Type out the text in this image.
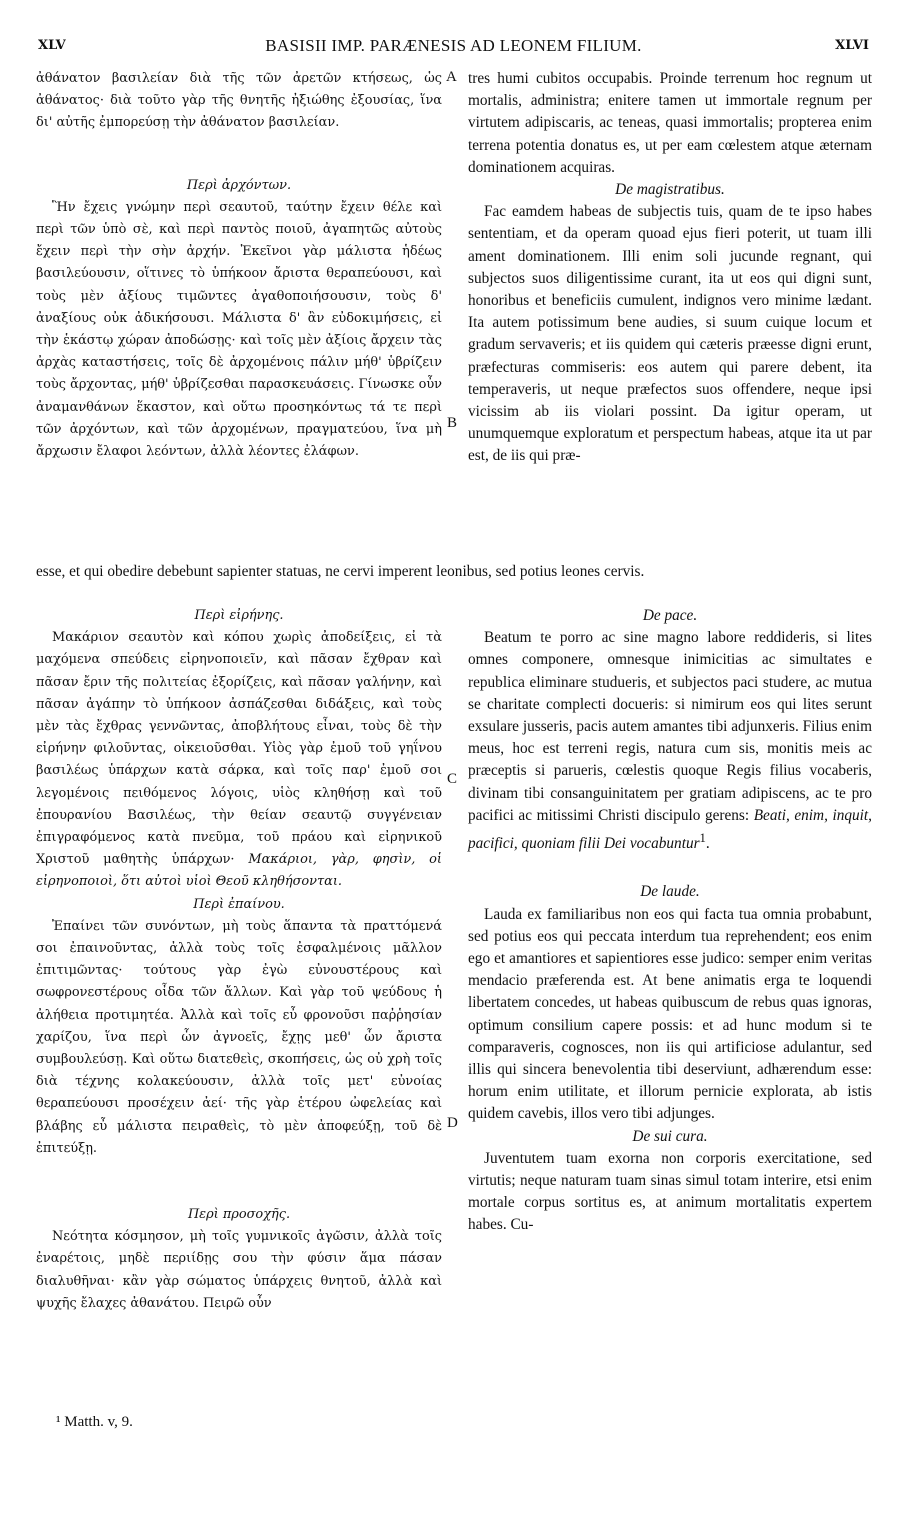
XLV	BASISII IMP. PARÆNESIS AD LEONEM FILIUM.	XLVI

ἀθάνατον βασιλείαν διὰ τῆς τῶν ἀρετῶν κτήσεως, ὡς ἀθάνατος· διὰ τοῦτο γὰρ τῆς θνητῆς ἠξιώθης ἐξουσίας, ἵνα δι' αὐτῆς ἐμπορεύσῃ τὴν ἀθάνατον βασιλείαν.

Περὶ ἀρχόντων.

Ἣν ἔχεις γνώμην περὶ σεαυτοῦ, ταύτην ἔχειν θέλε καὶ περὶ τῶν ὑπὸ σὲ, καὶ περὶ παντὸς ποιοῦ, ἀγαπητῶς αὐτοὺς ἔχειν περὶ τὴν σὴν ἀρχήν. Ἐκεῖνοι γὰρ μάλιστα ἡδέως βασιλεύουσιν, οἵτινες τὸ ὑπήκοον ἄριστα θεραπεύουσι, καὶ τοὺς μὲν ἀξίους τιμῶντες ἀγαθοποιήσουσιν, τοὺς δ' ἀναξίους οὐκ ἀδικήσουσι. Μάλιστα δ' ἂν εὐδοκιμήσεις, εἰ τὴν ἑκάστῳ χώραν ἀποδώσῃς· καὶ τοῖς μὲν ἀξίοις ἄρχειν τὰς ἀρχὰς καταστήσεις, τοῖς δὲ ἀρχομένοις πάλιν μήθ' ὑβρίζειν τοὺς ἄρχοντας, μήθ' ὑβρίζεσθαι παρασκευάσεις. Γίνωσκε οὖν ἀναμανθάνων ἕκαστον, καὶ οὕτω προσηκόντως τά τε περὶ τῶν ἀρχόντων, καὶ τῶν ἀρχομένων, πραγματεύου, ἵνα μὴ ἄρχωσιν ἔλαφοι λεόντων, ἀλλὰ λέοντες ἐλάφων.

tres humi cubitos occupabis. Proinde terrenum hoc regnum ut mortalis, administra; enitere tamen ut immortale regnum per virtutem adipiscaris, ac teneas, quasi immortalis; propterea enim terrena potentia donatus es, ut per eam cœlestem atque æternam dominationem acquiras.

De magistratibus.

Fac eamdem habeas de subjectis tuis, quam de te ipso habes sententiam, et da operam quoad ejus fieri poterit, ut tuam illi ament dominationem. Illi enim soli jucunde regnant, qui subjectos suos diligentissime curant, ita ut eos qui digni sunt, honoribus et beneficiis cumulent, indignos vero minime lædant. Ita autem potissimum bene audies, si suum cuique locum et gradum servaveris; et iis quidem qui cæteris præesse digni erunt, præfecturas commiseris: eos autem qui parere debent, ita temperaveris, ut neque præfectos suos offendere, neque ipsi vicissim ab iis violari possint. Da igitur operam, ut unumquemque exploratum et perspectum habeas, atque ita ut par est, de iis qui præ-

esse, et qui obedire debebunt sapienter statuas, ne cervi imperent leonibus, sed potius leones cervis.

Περὶ εἰρήνης.

Μακάριον σεαυτὸν καὶ κόπου χωρὶς ἀποδείξεις, εἰ τὰ μαχόμενα σπεύδεις εἰρηνοποιεῖν, καὶ πᾶσαν ἔχθραν καὶ πᾶσαν ἔριν τῆς πολιτείας ἐξορίζεις, καὶ πᾶσαν γαλήνην, καὶ πᾶσαν ἀγάπην τὸ ὑπήκοον ἀσπάζεσθαι διδάξεις, καὶ τοὺς μὲν τὰς ἔχθρας γεννῶντας, ἀποβλήτους εἶναι, τοὺς δὲ τὴν εἰρήνην φιλοῦντας, οἰκειοῦσθαι. Υἱὸς γὰρ ἐμοῦ τοῦ γηΐνου βασιλέως ὑπάρχων κατὰ σάρκα, καὶ τοῖς παρ' ἐμοῦ σοι λεγομένοις πειθόμενος λόγοις, υἱὸς κληθήσῃ καὶ τοῦ ἐπουρανίου Βασιλέως, τὴν θείαν σεαυτῷ συγγένειαν ἐπιγραφόμενος κατὰ πνεῦμα, τοῦ πράου καὶ εἰρηνικοῦ Χριστοῦ μαθητὴς ὑπάρχων· Μακάριοι, γὰρ, φησὶν, οἱ εἰρηνοποιοὶ, ὅτι αὐτοὶ υἱοὶ Θεοῦ κληθήσονται.

Περὶ ἐπαίνου.

Ἐπαίνει τῶν συνόντων, μὴ τοὺς ἅπαντα τὰ πραττόμενά σοι ἐπαινοῦντας, ἀλλὰ τοὺς τοῖς ἐσφαλμένοις μᾶλλον ἐπιτιμῶντας· τούτους γὰρ ἐγὼ εὐνουστέρους καὶ σωφρονεστέρους οἶδα τῶν ἄλλων. Καὶ γὰρ τοῦ ψεύδους ἡ ἀλήθεια προτιμητέα. Ἀλλὰ καὶ τοῖς εὖ φρονοῦσι παῤῥησίαν χαρίζου, ἵνα περὶ ὧν ἀγνοεῖς, ἔχῃς μεθ' ὧν ἄριστα συμβουλεύσῃ. Καὶ οὕτω διατεθεὶς, σκοπήσεις, ὡς οὐ χρὴ τοῖς διὰ τέχνης κολακεύουσιν, ἀλλὰ τοῖς μετ' εὐνοίας θεραπεύουσι προσέχειν ἀεί· τῆς γὰρ ἑτέρου ὠφελείας καὶ βλάβης εὖ μάλιστα πειραθεὶς, τὸ μὲν ἀποφεύξῃ, τοῦ δὲ ἐπιτεύξῃ.

Περὶ προσοχῆς.

Νεότητα κόσμησον, μὴ τοῖς γυμνικοῖς ἀγῶσιν, ἀλλὰ τοῖς ἐναρέτοις, μηδὲ περιίδῃς σου τὴν φύσιν ἅμα πάσαν διαλυθῆναι· κἂν γὰρ σώματος ὑπάρχεις θνητοῦ, ἀλλὰ καὶ ψυχῆς ἔλαχες ἀθανάτου. Πειρῶ οὖν

De pace.

Beatum te porro ac sine magno labore reddideris, si lites omnes componere, omnesque inimicitias ac simultates e republica eliminare studueris, et subjectos paci studere, ac mutua se charitate complecti docueris: si nimirum eos qui lites serunt exsulare jusseris, pacis autem amantes tibi adjunxeris. Filius enim meus, hoc est terreni regis, natura cum sis, monitis meis ac præceptis si parueris, cœlestis quoque Regis filius vocaberis, divinam tibi consanguinitatem per gratiam adipiscens, ac te pro pacifici ac mitissimi Christi discipulo gerens: Beati, enim, inquit, pacifici, quoniam filii Dei vocabuntur$^1$.

De laude.

Lauda ex familiaribus non eos qui facta tua omnia probabunt, sed potius eos qui peccata interdum tua reprehendent; eos enim ego et amantiores et sapientiores esse judico: semper enim veritas mendacio præferenda est. At bene animatis erga te loquendi libertatem concedes, ut habeas quibuscum de rebus quas ignoras, optimum consilium capere possis: et ad hunc modum si te comparaveris, cognosces, non iis qui artificiose adulantur, sed illis qui sincera benevolentia tibi deserviunt, adhærendum esse: horum enim utilitate, et illorum pernicie explorata, ab istis quidem cavebis, illos vero tibi adjunges.

De sui cura.

Juventutem tuam exorna non corporis exercitatione, sed virtutis; neque naturam tuam sinas simul totam interire, etsi enim mortale corpus sortitus es, at animum mortalitatis expertem habes. Cu-

A
B
C
D
¹ Matth. v, 9.
